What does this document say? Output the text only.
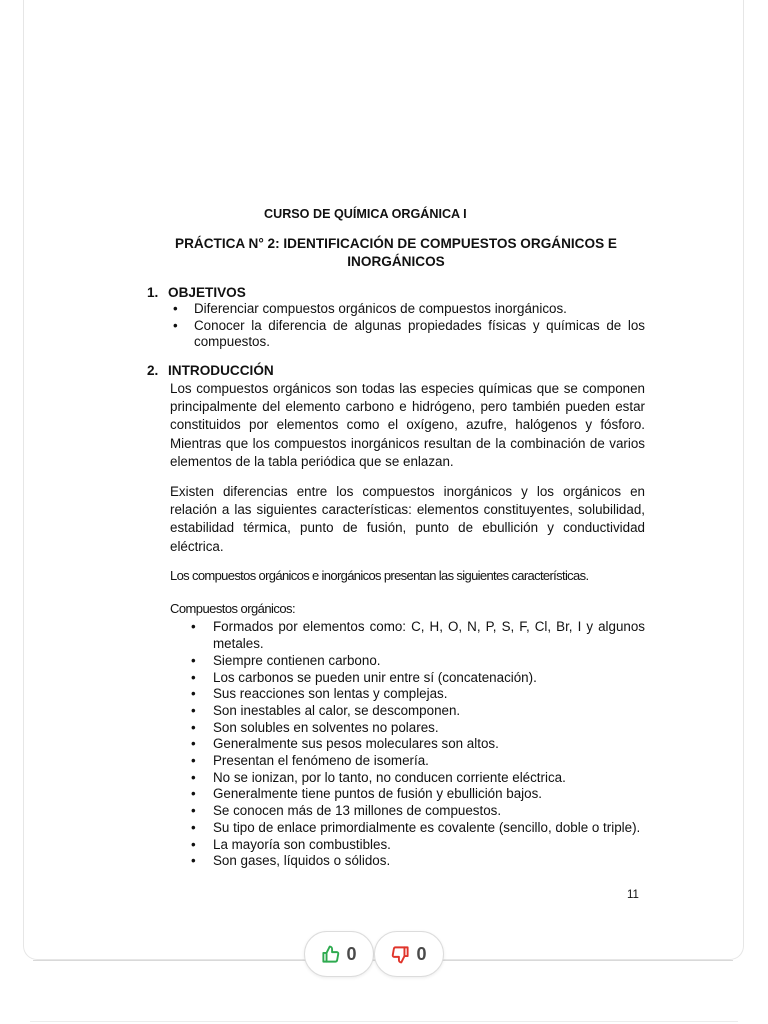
CURSO DE QUÍMICA ORGÁNICA I
PRÁCTICA N° 2: IDENTIFICACIÓN DE COMPUESTOS ORGÁNICOS E INORGÁNICOS
1. OBJETIVOS
• Diferenciar compuestos orgánicos de compuestos inorgánicos.
• Conocer la diferencia de algunas propiedades físicas y químicas de los compuestos.
2. INTRODUCCIÓN

Los compuestos orgánicos son todas las especies químicas que se componen principalmente del elemento carbono e hidrógeno, pero también pueden estar constituidos por elementos como el oxígeno, azufre, halógenos y fósforo. Mientras que los compuestos inorgánicos resultan de la combinación de varios elementos de la tabla periódica que se enlazan.

Existen diferencias entre los compuestos inorgánicos y los orgánicos en relación a las siguientes características: elementos constituyentes, solubilidad, estabilidad térmica, punto de fusión, punto de ebullición y conductividad eléctrica.

Los compuestos orgánicos e inorgánicos presentan las siguientes características.

Compuestos orgánicos:

• Formados por elementos como: C, H, O, N, P, S, F, Cl, Br, I y algunos metales.
• Siempre contienen carbono.
• Los carbonos se pueden unir entre sí (concatenación).
• Sus reacciones son lentas y complejas.
• Son inestables al calor, se descomponen.
• Son solubles en solventes no polares.
• Generalmente sus pesos moleculares son altos.
• Presentan el fenómeno de isomería.
• No se ionizan, por lo tanto, no conducen corriente eléctrica.
• Generalmente tiene puntos de fusión y ebullición bajos.
• Se conocen más de 13 millones de compuestos.
• Su tipo de enlace primordialmente es covalente (sencillo, doble o triple).
• La mayoría son combustibles.
• Son gases, líquidos o sólidos.
11
0	0
